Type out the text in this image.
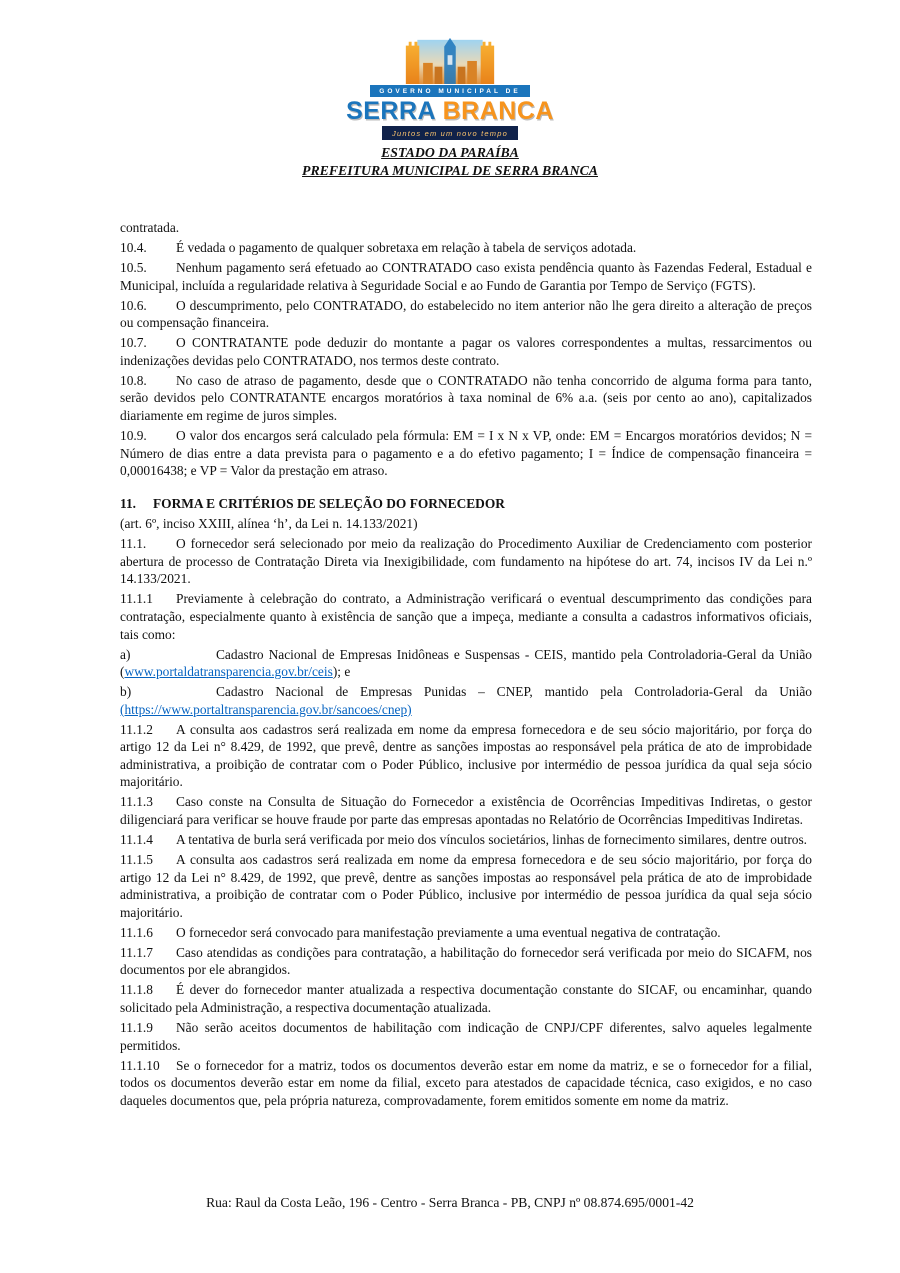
GOVERNO MUNICIPAL DE
SERRA BRANCA
Juntos em um novo tempo
ESTADO DA PARAÍBA
PREFEITURA MUNICIPAL DE SERRA BRANCA

contratada.

10.4. É vedada o pagamento de qualquer sobretaxa em relação à tabela de serviços adotada.

10.5. Nenhum pagamento será efetuado ao CONTRATADO caso exista pendência quanto às Fazendas Federal, Estadual e Municipal, incluída a regularidade relativa à Seguridade Social e ao Fundo de Garantia por Tempo de Serviço (FGTS).

10.6. O descumprimento, pelo CONTRATADO, do estabelecido no item anterior não lhe gera direito a alteração de preços ou compensação financeira.

10.7. O CONTRATANTE pode deduzir do montante a pagar os valores correspondentes a multas, ressarcimentos ou indenizações devidas pelo CONTRATADO, nos termos deste contrato.

10.8. No caso de atraso de pagamento, desde que o CONTRATADO não tenha concorrido de alguma forma para tanto, serão devidos pelo CONTRATANTE encargos moratórios à taxa nominal de 6% a.a. (seis por cento ao ano), capitalizados diariamente em regime de juros simples.

10.9. O valor dos encargos será calculado pela fórmula: EM = I x N x VP, onde: EM = Encargos moratórios devidos; N = Número de dias entre a data prevista para o pagamento e a do efetivo pagamento; I = Índice de compensação financeira = 0,00016438; e VP = Valor da prestação em atraso.

11. FORMA E CRITÉRIOS DE SELEÇÃO DO FORNECEDOR

(art. 6º, inciso XXIII, alínea ‘h’, da Lei n. 14.133/2021)

11.1. O fornecedor será selecionado por meio da realização do Procedimento Auxiliar de Credenciamento com posterior abertura de processo de Contratação Direta via Inexigibilidade, com fundamento na hipótese do art. 74, incisos IV da Lei n.º 14.133/2021.

11.1.1 Previamente à celebração do contrato, a Administração verificará o eventual descumprimento das condições para contratação, especialmente quanto à existência de sanção que a impeça, mediante a consulta a cadastros informativos oficiais, tais como:

a)	Cadastro Nacional de Empresas Inidôneas e Suspensas - CEIS, mantido pela Controladoria-Geral da União (www.portaldatransparencia.gov.br/ceis); e

b)	Cadastro Nacional de Empresas Punidas – CNEP, mantido pela Controladoria-Geral da União (https://www.portaltransparencia.gov.br/sancoes/cnep)

11.1.2 A consulta aos cadastros será realizada em nome da empresa fornecedora e de seu sócio majoritário, por força do artigo 12 da Lei n° 8.429, de 1992, que prevê, dentre as sanções impostas ao responsável pela prática de ato de improbidade administrativa, a proibição de contratar com o Poder Público, inclusive por intermédio de pessoa jurídica da qual seja sócio majoritário.

11.1.3 Caso conste na Consulta de Situação do Fornecedor a existência de Ocorrências Impeditivas Indiretas, o gestor diligenciará para verificar se houve fraude por parte das empresas apontadas no Relatório de Ocorrências Impeditivas Indiretas.

11.1.4 A tentativa de burla será verificada por meio dos vínculos societários, linhas de fornecimento similares, dentre outros.

11.1.5 A consulta aos cadastros será realizada em nome da empresa fornecedora e de seu sócio majoritário, por força do artigo 12 da Lei n° 8.429, de 1992, que prevê, dentre as sanções impostas ao responsável pela prática de ato de improbidade administrativa, a proibição de contratar com o Poder Público, inclusive por intermédio de pessoa jurídica da qual seja sócio majoritário.

11.1.6 O fornecedor será convocado para manifestação previamente a uma eventual negativa de contratação.

11.1.7 Caso atendidas as condições para contratação, a habilitação do fornecedor será verificada por meio do SICAFM, nos documentos por ele abrangidos.

11.1.8 É dever do fornecedor manter atualizada a respectiva documentação constante do SICAF, ou encaminhar, quando solicitado pela Administração, a respectiva documentação atualizada.

11.1.9 Não serão aceitos documentos de habilitação com indicação de CNPJ/CPF diferentes, salvo aqueles legalmente permitidos.

11.1.10 Se o fornecedor for a matriz, todos os documentos deverão estar em nome da matriz, e se o fornecedor for a filial, todos os documentos deverão estar em nome da filial, exceto para atestados de capacidade técnica, caso exigidos, e no caso daqueles documentos que, pela própria natureza, comprovadamente, forem emitidos somente em nome da matriz.

Rua: Raul da Costa Leão, 196 - Centro - Serra Branca - PB, CNPJ nº 08.874.695/0001-42
